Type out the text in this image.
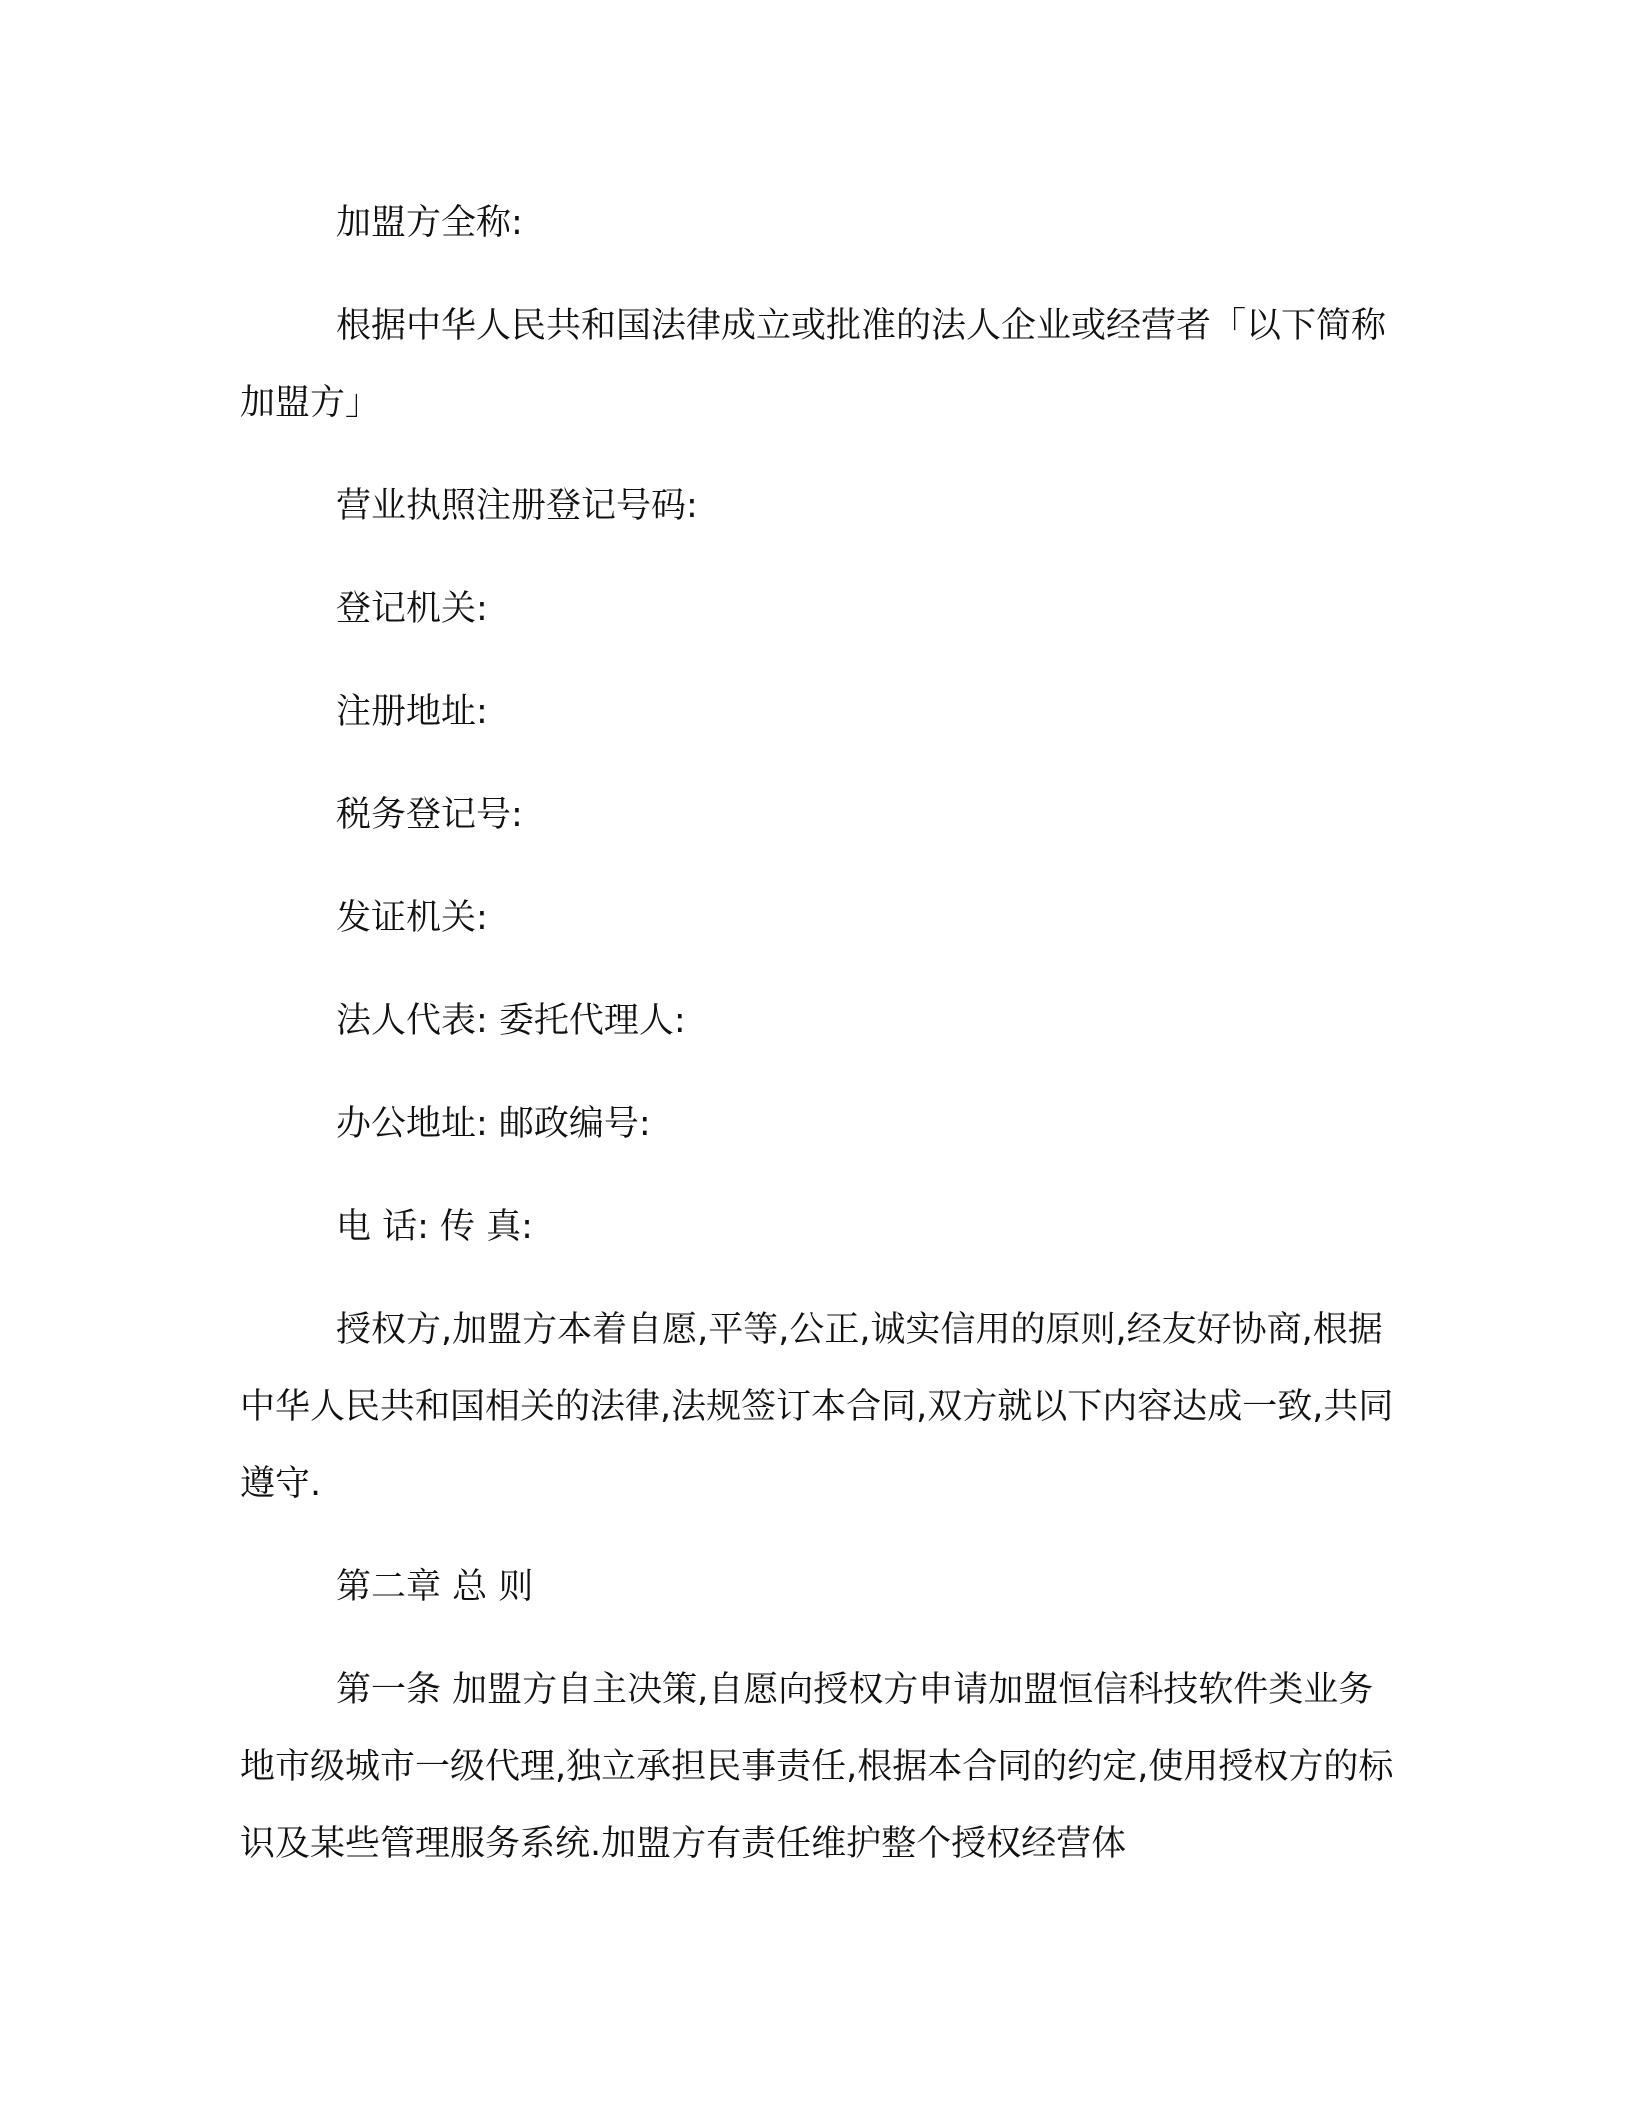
加盟方全称:

根据中华人民共和国法律成立或批准的法人企业或经营者「以下简称加盟方」

营业执照注册登记号码:

登记机关:

注册地址:

税务登记号:

发证机关:

法人代表: 委托代理人:

办公地址: 邮政编号:

电 话: 传 真:

授权方,加盟方本着自愿,平等,公正,诚实信用的原则,经友好协商,根据中华人民共和国相关的法律,法规签订本合同,双方就以下内容达成一致,共同遵守.

第二章 总 则

第一条 加盟方自主决策,自愿向授权方申请加盟恒信科技软件类业务地市级城市一级代理,独立承担民事责任,根据本合同的约定,使用授权方的标识及某些管理服务系统.加盟方有责任维护整个授权经营体
